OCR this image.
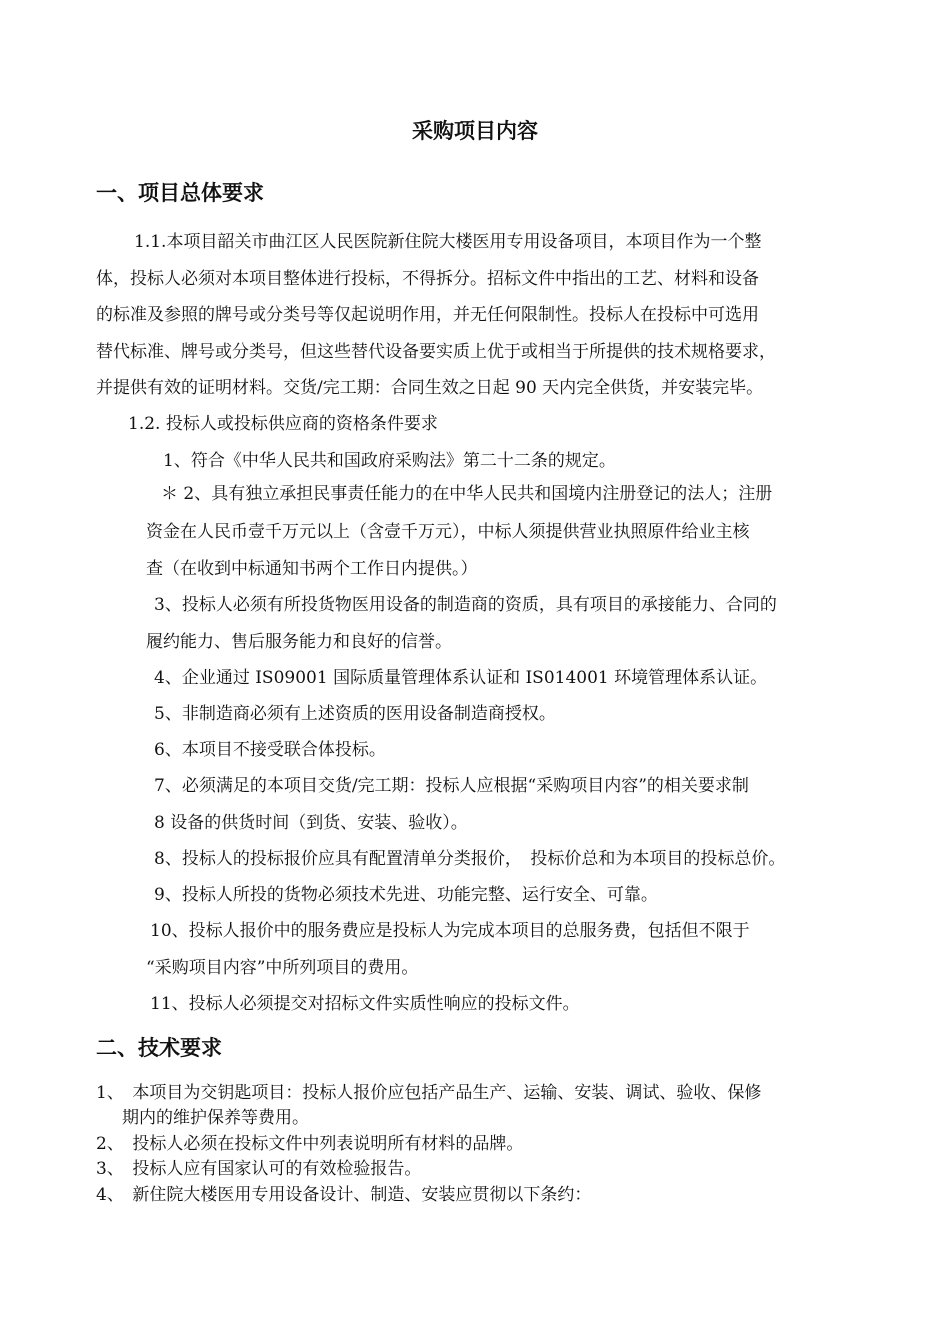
采购项目内容
一、项目总体要求
1.1.本项目韶关市曲江区人民医院新住院大楼医用专用设备项目，本项目作为一个整
体，投标人必须对本项目整体进行投标，不得拆分。招标文件中指出的工艺、材料和设备
的标准及参照的牌号或分类号等仅起说明作用，并无任何限制性。投标人在投标中可选用
替代标准、牌号或分类号，但这些替代设备要实质上优于或相当于所提供的技术规格要求，
并提供有效的证明材料。交货/完工期：合同生效之日起 90 天内完全供货，并安装完毕。
1.2. 投标人或投标供应商的资格条件要求
1、符合《中华人民共和国政府采购法》第二十二条的规定。
＊ 2、具有独立承担民事责任能力的在中华人民共和国境内注册登记的法人；注册
资金在人民币壹千万元以上（含壹千万元），中标人须提供营业执照原件给业主核
查（在收到中标通知书两个工作日内提供。）
3、投标人必须有所投货物医用设备的制造商的资质，具有项目的承接能力、合同的
履约能力、售后服务能力和良好的信誉。
4、企业通过 IS09001 国际质量管理体系认证和 IS014001 环境管理体系认证。
5、非制造商必须有上述资质的医用设备制造商授权。
6、本项目不接受联合体投标。
7、必须满足的本项目交货/完工期：投标人应根据“采购项目内容”的相关要求制
8 设备的供货时间（到货、安装、验收）。
8、投标人的投标报价应具有配置清单分类报价，　投标价总和为本项目的投标总价。
9、投标人所投的货物必须技术先进、功能完整、运行安全、可靠。
10、投标人报价中的服务费应是投标人为完成本项目的总服务费，包括但不限于
“采购项目内容”中所列项目的费用。
11、投标人必须提交对招标文件实质性响应的投标文件。
二、技术要求
1、　本项目为交钥匙项目：投标人报价应包括产品生产、运输、安装、调试、验收、保修
期内的维护保养等费用。
2、　投标人必须在投标文件中列表说明所有材料的品牌。
3、　投标人应有国家认可的有效检验报告。
4、　新住院大楼医用专用设备设计、制造、安装应贯彻以下条约：
